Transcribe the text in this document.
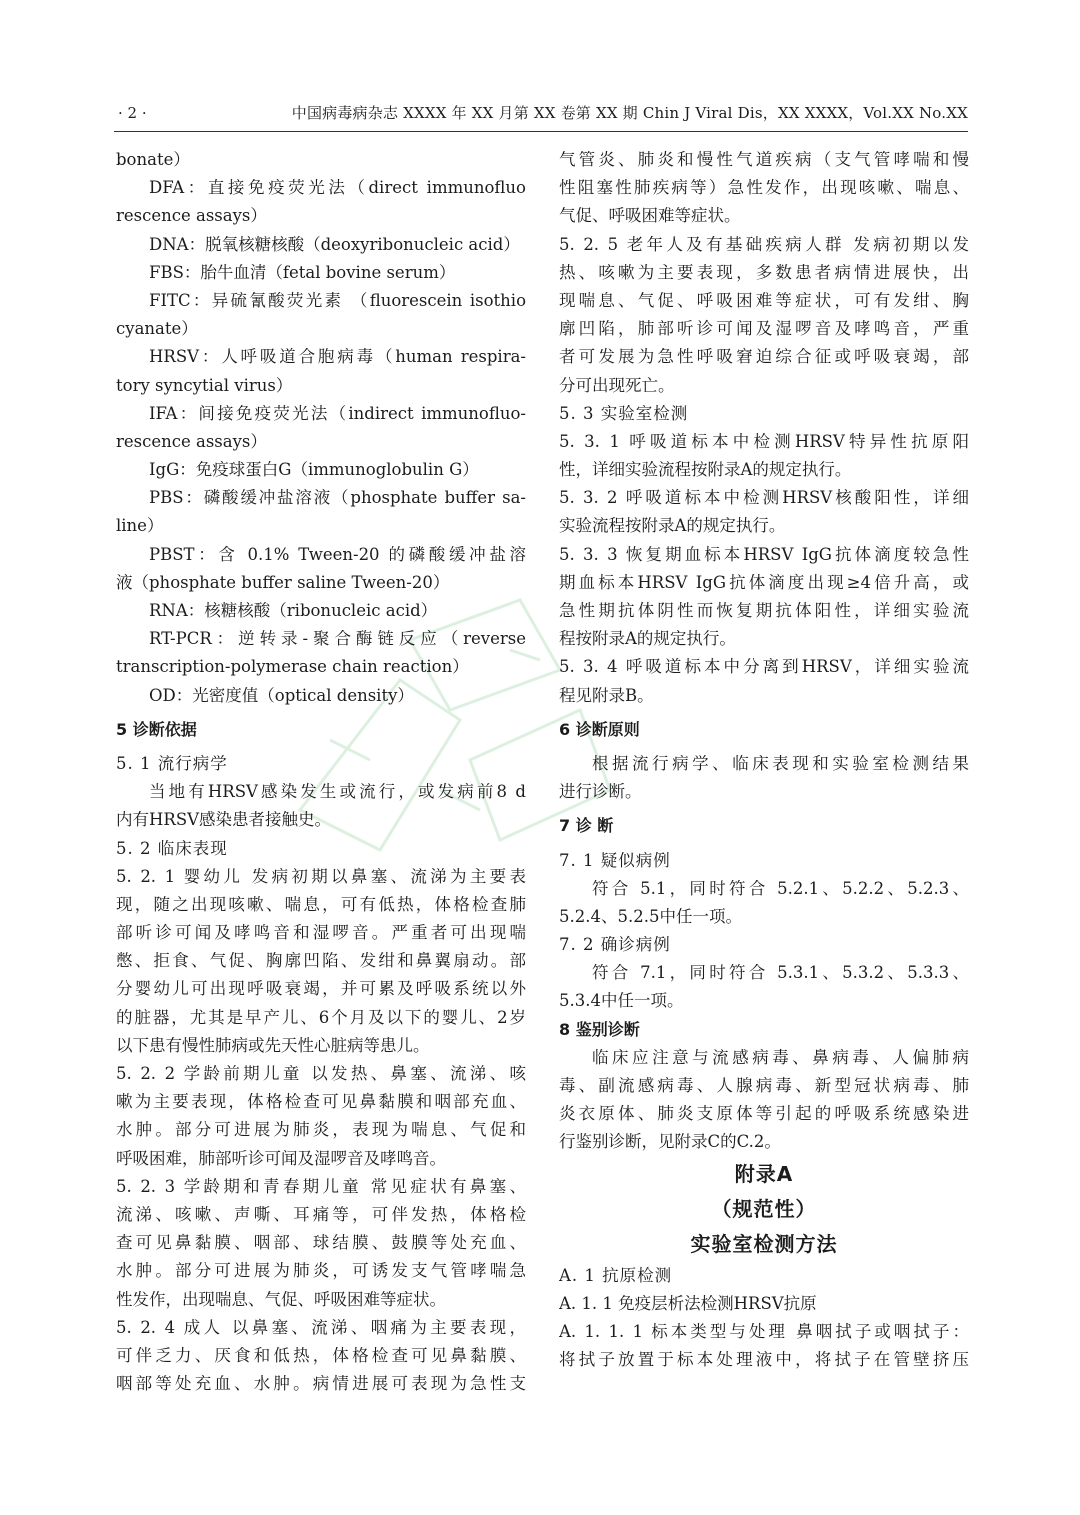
· 2 ·	中国病毒病杂志 XXXX 年 XX 月第 XX 卷第 XX 期 Chin J Viral Dis，XX XXXX，Vol.XX No.XX
bonate）
DFA：直接免疫荧光法（direct immunofluo
rescence assays）
DNA：脱氧核糖核酸（deoxyribonucleic acid）
FBS：胎牛血清（fetal bovine serum）
FITC：异硫氰酸荧光素 （fluorescein isothio
cyanate）
HRSV：人呼吸道合胞病毒（human respira-
tory syncytial virus）
IFA：间接免疫荧光法（indirect immunofluo-
rescence assays）
IgG：免疫球蛋白G（immunoglobulin G）
PBS：磷酸缓冲盐溶液（phosphate buffer sa-
line）
PBST：含 0.1% Tween-20 的磷酸缓冲盐溶
液（phosphate buffer saline Tween-20）
RNA：核糖核酸（ribonucleic acid）
RT-PCR：逆转录-聚合酶链反应（reverse
transcription-polymerase chain reaction）
OD：光密度值（optical density）
5 诊断依据
5. 1 流行病学
当地有HRSV感染发生或流行，或发病前8 d
内有HRSV感染患者接触史。
5. 2 临床表现
5. 2. 1 婴幼儿 发病初期以鼻塞、流涕为主要表
现，随之出现咳嗽、喘息，可有低热，体格检查肺
部听诊可闻及哮鸣音和湿啰音。严重者可出现喘
憋、拒食、气促、胸廓凹陷、发绀和鼻翼扇动。部
分婴幼儿可出现呼吸衰竭，并可累及呼吸系统以外
的脏器，尤其是早产儿、6个月及以下的婴儿、2岁
以下患有慢性肺病或先天性心脏病等患儿。
5. 2. 2 学龄前期儿童 以发热、鼻塞、流涕、咳
嗽为主要表现，体格检查可见鼻黏膜和咽部充血、
水肿。部分可进展为肺炎，表现为喘息、气促和
呼吸困难，肺部听诊可闻及湿啰音及哮鸣音。
5. 2. 3 学龄期和青春期儿童 常见症状有鼻塞、
流涕、咳嗽、声嘶、耳痛等，可伴发热，体格检
查可见鼻黏膜、咽部、球结膜、鼓膜等处充血、
水肿。部分可进展为肺炎，可诱发支气管哮喘急
性发作，出现喘息、气促、呼吸困难等症状。
5. 2. 4 成人 以鼻塞、流涕、咽痛为主要表现，
可伴乏力、厌食和低热，体格检查可见鼻黏膜、
咽部等处充血、水肿。病情进展可表现为急性支
气管炎、肺炎和慢性气道疾病（支气管哮喘和慢
性阻塞性肺疾病等）急性发作，出现咳嗽、喘息、
气促、呼吸困难等症状。
5. 2. 5 老年人及有基础疾病人群 发病初期以发
热、咳嗽为主要表现，多数患者病情进展快，出
现喘息、气促、呼吸困难等症状，可有发绀、胸
廓凹陷，肺部听诊可闻及湿啰音及哮鸣音，严重
者可发展为急性呼吸窘迫综合征或呼吸衰竭，部
分可出现死亡。
5. 3 实验室检测
5. 3. 1 呼吸道标本中检测HRSV特异性抗原阳
性，详细实验流程按附录A的规定执行。
5. 3. 2 呼吸道标本中检测HRSV核酸阳性，详细
实验流程按附录A的规定执行。
5. 3. 3 恢复期血标本HRSV IgG抗体滴度较急性
期血标本HRSV IgG抗体滴度出现≥4倍升高，或
急性期抗体阴性而恢复期抗体阳性，详细实验流
程按附录A的规定执行。
5. 3. 4 呼吸道标本中分离到HRSV，详细实验流
程见附录B。
6 诊断原则
根据流行病学、临床表现和实验室检测结果
进行诊断。
7 诊 断
7. 1 疑似病例
符合 5.1，同时符合 5.2.1、5.2.2、5.2.3、
5.2.4、5.2.5中任一项。
7. 2 确诊病例
符合 7.1，同时符合 5.3.1、5.3.2、5.3.3、
5.3.4中任一项。
8 鉴别诊断
临床应注意与流感病毒、鼻病毒、人偏肺病
毒、副流感病毒、人腺病毒、新型冠状病毒、肺
炎衣原体、肺炎支原体等引起的呼吸系统感染进
行鉴别诊断，见附录C的C.2。
附录A
（规范性）
实验室检测方法
A. 1 抗原检测
A. 1. 1 免疫层析法检测HRSV抗原
A. 1. 1. 1 标本类型与处理 鼻咽拭子或咽拭子：
将拭子放置于标本处理液中，将拭子在管壁挤压
